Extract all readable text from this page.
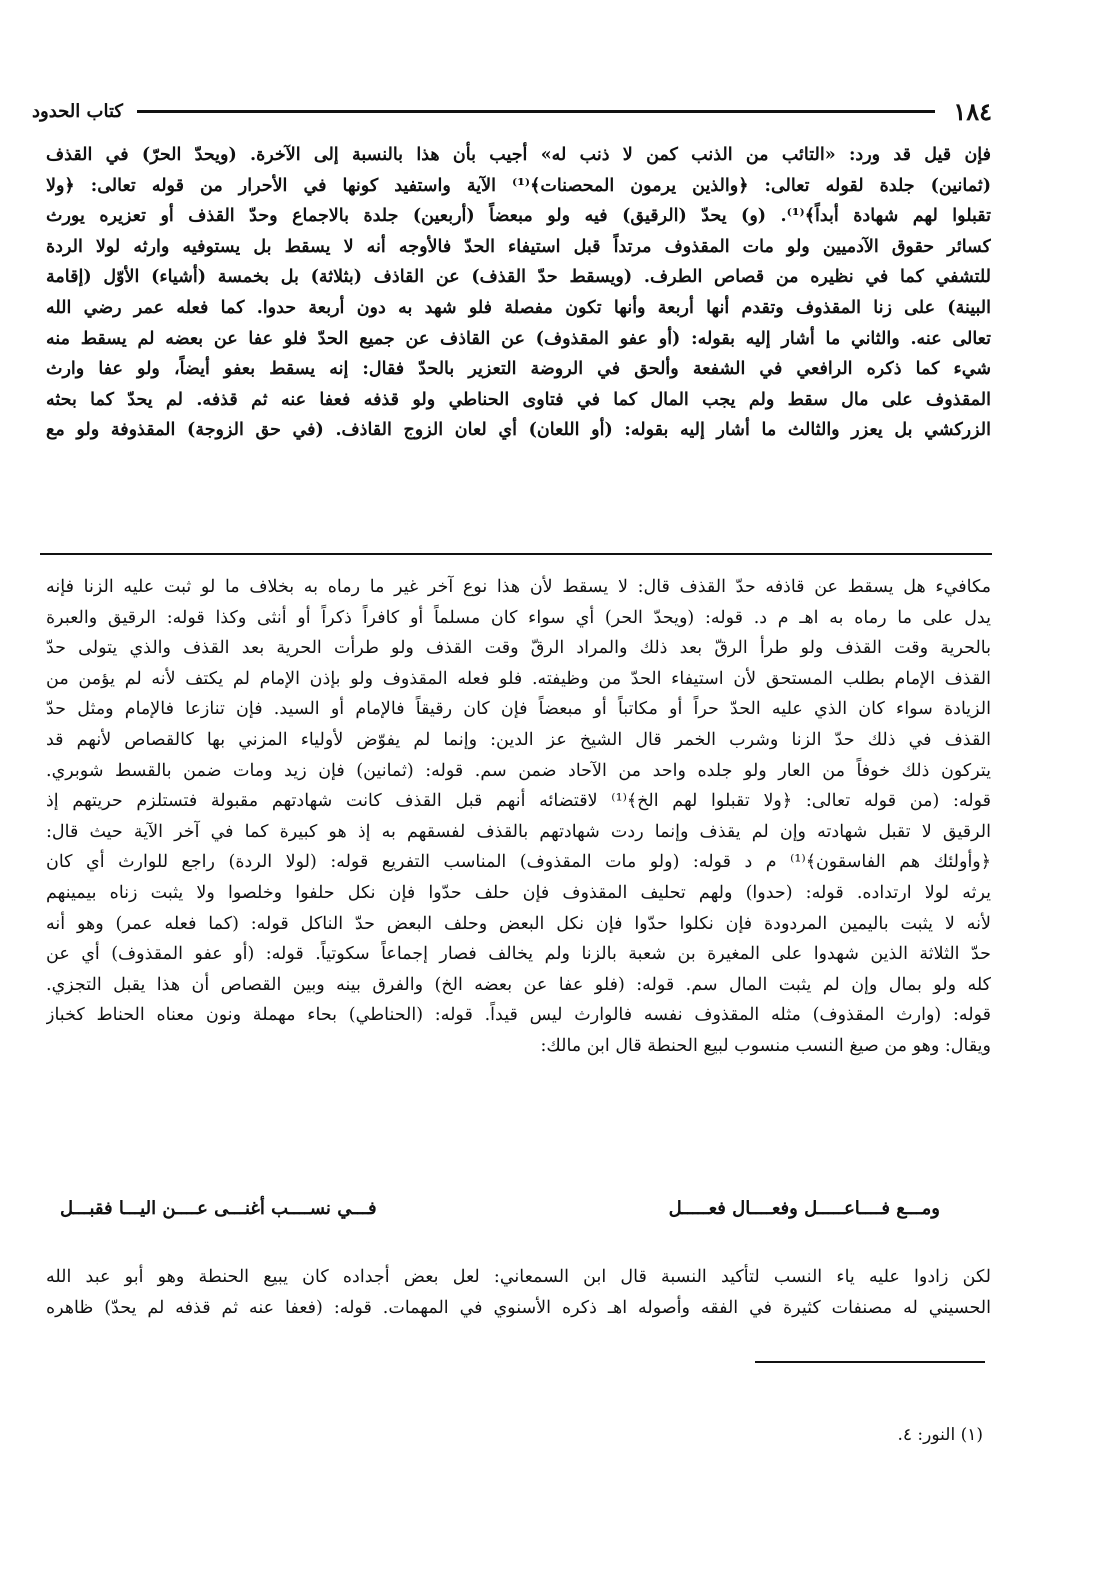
١٨٤
كتاب الحدود
فإن قيل قد ورد: «التائب من الذنب كمن لا ذنب له» أجيب بأن هذا بالنسبة إلى الآخرة. (ويحدّ الحرّ) في القذف
(ثمانين) جلدة لقوله تعالى: ﴿والذين يرمون المحصنات﴾⁽¹⁾ الآية واستفيد كونها في الأحرار من قوله تعالى: ﴿ولا
تقبلوا لهم شهادة أبداً﴾⁽¹⁾. (و) يحدّ (الرقيق) فيه ولو مبعضاً (أربعين) جلدة بالاجماع وحدّ القذف أو تعزيره يورث
كسائر حقوق الآدميين ولو مات المقذوف مرتداً قبل استيفاء الحدّ فالأوجه أنه لا يسقط بل يستوفيه وارثه لولا الردة
للتشفي كما في نظيره من قصاص الطرف. (ويسقط حدّ القذف) عن القاذف (بثلاثة) بل بخمسة (أشياء) الأوّل (إقامة
البينة) على زنا المقذوف وتقدم أنها أربعة وأنها تكون مفصلة فلو شهد به دون أربعة حدوا. كما فعله عمر رضي الله
تعالى عنه. والثاني ما أشار إليه بقوله: (أو عفو المقذوف) عن القاذف عن جميع الحدّ فلو عفا عن بعضه لم يسقط منه
شيء كما ذكره الرافعي في الشفعة وألحق في الروضة التعزير بالحدّ فقال: إنه يسقط بعفو أيضاً، ولو عفا وارث
المقذوف على مال سقط ولم يجب المال كما في فتاوى الحناطي ولو قذفه فعفا عنه ثم قذفه. لم يحدّ كما بحثه
الزركشي بل يعزر والثالث ما أشار إليه بقوله: (أو اللعان) أي لعان الزوج القاذف. (في حق الزوجة) المقذوفة ولو مع
مكافيء هل يسقط عن قاذفه حدّ القذف قال: لا يسقط لأن هذا نوع آخر غير ما رماه به بخلاف ما لو ثبت عليه الزنا فإنه
يدل على ما رماه به اهـ م د. قوله: (ويحدّ الحر) أي سواء كان مسلماً أو كافراً ذكراً أو أنثى وكذا قوله: الرقيق والعبرة
بالحرية وقت القذف ولو طرأ الرقّ بعد ذلك والمراد الرقّ وقت القذف ولو طرأت الحرية بعد القذف والذي يتولى حدّ
القذف الإمام بطلب المستحق لأن استيفاء الحدّ من وظيفته. فلو فعله المقذوف ولو بإذن الإمام لم يكتف لأنه لم يؤمن من
الزيادة سواء كان الذي عليه الحدّ حراً أو مكاتباً أو مبعضاً فإن كان رقيقاً فالإمام أو السيد. فإن تنازعا فالإمام ومثل حدّ
القذف في ذلك حدّ الزنا وشرب الخمر قال الشيخ عز الدين: وإنما لم يفوّض لأولياء المزني بها كالقصاص لأنهم قد
يتركون ذلك خوفاً من العار ولو جلده واحد من الآحاد ضمن سم. قوله: (ثمانين) فإن زيد ومات ضمن بالقسط شوبري.
قوله: (من قوله تعالى: ﴿ولا تقبلوا لهم الخ﴾⁽¹⁾ لاقتضائه أنهم قبل القذف كانت شهادتهم مقبولة فتستلزم حريتهم إذ
الرقيق لا تقبل شهادته وإن لم يقذف وإنما ردت شهادتهم بالقذف لفسقهم به إذ هو كبيرة كما في آخر الآية حيث قال:
﴿وأولئك هم الفاسقون﴾⁽¹⁾ م د قوله: (ولو مات المقذوف) المناسب التفريع قوله: (لولا الردة) راجع للوارث أي كان
يرثه لولا ارتداده. قوله: (حدوا) ولهم تحليف المقذوف فإن حلف حدّوا فإن نكل حلفوا وخلصوا ولا يثبت زناه بيمينهم
لأنه لا يثبت باليمين المردودة فإن نكلوا حدّوا فإن نكل البعض وحلف البعض حدّ الناكل قوله: (كما فعله عمر) وهو أنه
حدّ الثلاثة الذين شهدوا على المغيرة بن شعبة بالزنا ولم يخالف فصار إجماعاً سكوتياً. قوله: (أو عفو المقذوف) أي عن
كله ولو بمال وإن لم يثبت المال سم. قوله: (فلو عفا عن بعضه الخ) والفرق بينه وبين القصاص أن هذا يقبل التجزي.
قوله: (وارث المقذوف) مثله المقذوف نفسه فالوارث ليس قيداً. قوله: (الحناطي) بحاء مهملة ونون معناه الحناط كخباز
ويقال: وهو من صيغ النسب منسوب لبيع الحنطة قال ابن مالك:
ومـــع فــــاعـــــل وفعــــال فعـــــل
فـــي نســــب أغنـــى عــــن اليـــا فقبـــل
لكن زادوا عليه ياء النسب لتأكيد النسبة قال ابن السمعاني: لعل بعض أجداده كان يبيع الحنطة وهو أبو عبد الله
الحسيني له مصنفات كثيرة في الفقه وأصوله اهـ ذكره الأسنوي في المهمات. قوله: (فعفا عنه ثم قذفه لم يحدّ) ظاهره
(١) النور: ٤.
